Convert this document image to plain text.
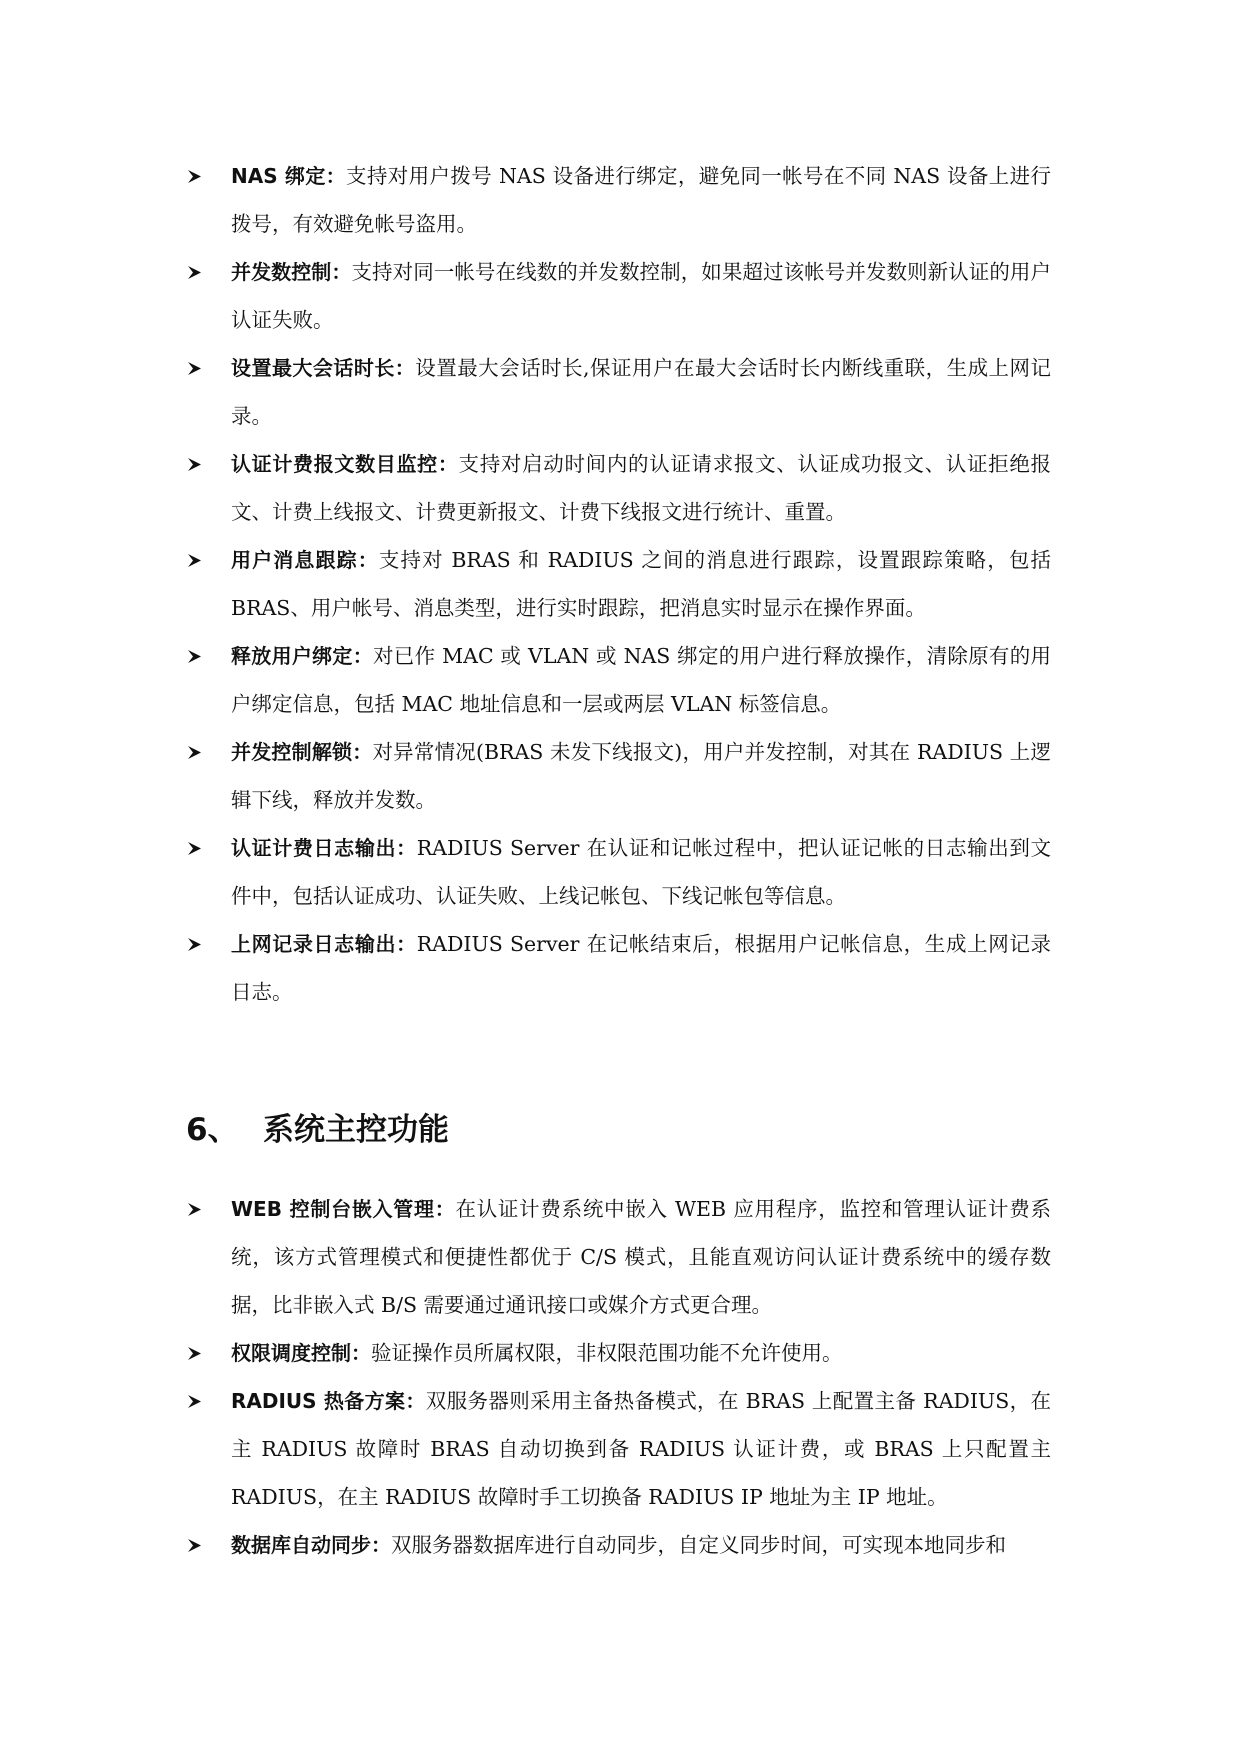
NAS 绑定：支持对用户拨号 NAS 设备进行绑定，避免同一帐号在不同 NAS 设备上进行拨号，有效避免帐号盗用。
并发数控制：支持对同一帐号在线数的并发数控制，如果超过该帐号并发数则新认证的用户认证失败。
设置最大会话时长：设置最大会话时长,保证用户在最大会话时长内断线重联，生成上网记录。
认证计费报文数目监控：支持对启动时间内的认证请求报文、认证成功报文、认证拒绝报文、计费上线报文、计费更新报文、计费下线报文进行统计、重置。
用户消息跟踪：支持对 BRAS 和 RADIUS 之间的消息进行跟踪，设置跟踪策略，包括 BRAS、用户帐号、消息类型，进行实时跟踪，把消息实时显示在操作界面。
释放用户绑定：对已作 MAC 或 VLAN 或 NAS 绑定的用户进行释放操作，清除原有的用户绑定信息，包括 MAC 地址信息和一层或两层 VLAN 标签信息。
并发控制解锁：对异常情况(BRAS 未发下线报文)，用户并发控制，对其在 RADIUS 上逻辑下线，释放并发数。
认证计费日志输出：RADIUS Server 在认证和记帐过程中，把认证记帐的日志输出到文件中，包括认证成功、认证失败、上线记帐包、下线记帐包等信息。
上网记录日志输出：RADIUS Server 在记帐结束后，根据用户记帐信息，生成上网记录日志。
6、 系统主控功能
WEB 控制台嵌入管理：在认证计费系统中嵌入 WEB 应用程序，监控和管理认证计费系统，该方式管理模式和便捷性都优于 C/S 模式，且能直观访问认证计费系统中的缓存数据，比非嵌入式 B/S 需要通过通讯接口或媒介方式更合理。
权限调度控制：验证操作员所属权限，非权限范围功能不允许使用。
RADIUS 热备方案：双服务器则采用主备热备模式，在 BRAS 上配置主备 RADIUS，在主 RADIUS 故障时 BRAS 自动切换到备 RADIUS 认证计费，或 BRAS 上只配置主 RADIUS，在主 RADIUS 故障时手工切换备 RADIUS IP 地址为主 IP 地址。
数据库自动同步：双服务器数据库进行自动同步，自定义同步时间，可实现本地同步和
